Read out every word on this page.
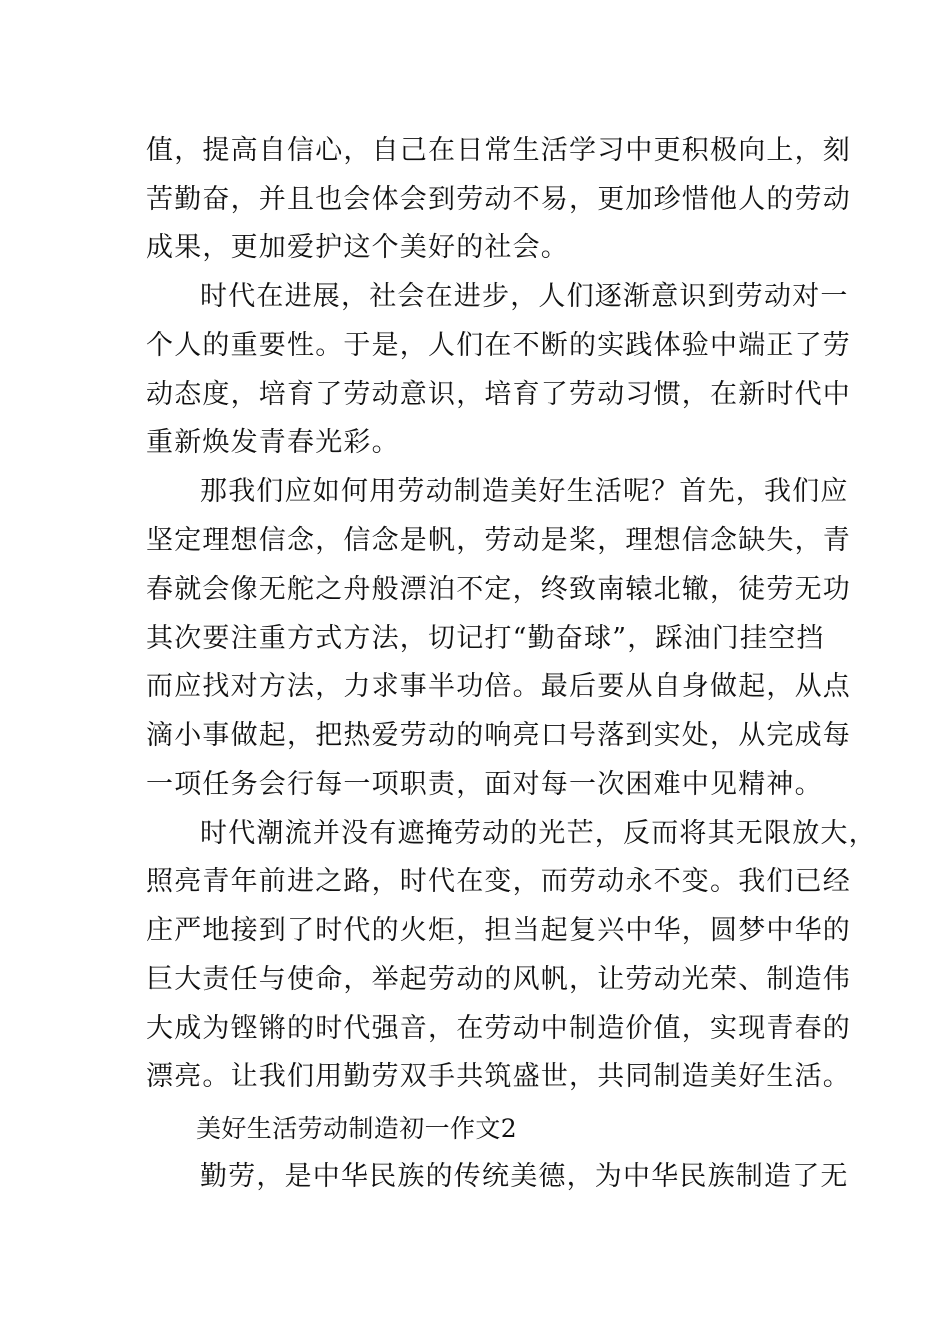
值，提高自信心，自己在日常生活学习中更积极向上，刻
苦勤奋，并且也会体会到劳动不易，更加珍惜他人的劳动
成果，更加爱护这个美好的社会。
时代在进展，社会在进步，人们逐渐意识到劳动对一
个人的重要性。于是，人们在不断的实践体验中端正了劳
动态度，培育了劳动意识，培育了劳动习惯，在新时代中
重新焕发青春光彩。
那我们应如何用劳动制造美好生活呢？首先，我们应
坚定理想信念，信念是帆，劳动是桨，理想信念缺失，青
春就会像无舵之舟般漂泊不定，终致南辕北辙，徒劳无功
其次要注重方式方法，切记打“勤奋球”，踩油门挂空挡
而应找对方法，力求事半功倍。最后要从自身做起，从点
滴小事做起，把热爱劳动的响亮口号落到实处，从完成每
一项任务会行每一项职责，面对每一次困难中见精神。
时代潮流并没有遮掩劳动的光芒，反而将其无限放大，
照亮青年前进之路，时代在变，而劳动永不变。我们已经
庄严地接到了时代的火炬，担当起复兴中华，圆梦中华的
巨大责任与使命，举起劳动的风帆，让劳动光荣、制造伟
大成为铿锵的时代强音，在劳动中制造价值，实现青春的
漂亮。让我们用勤劳双手共筑盛世，共同制造美好生活。
美好生活劳动制造初一作文2
勤劳，是中华民族的传统美德，为中华民族制造了无
